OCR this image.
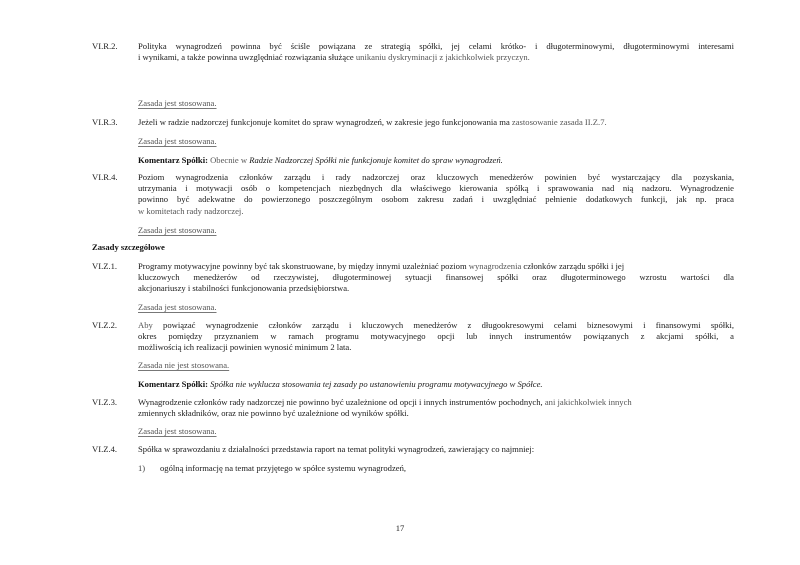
VI.R.2.	Polityka wynagrodzeń powinna być ściśle powiązana ze strategią spółki, jej celami krótko- i długoterminowymi, długoterminowymi interesami
i wynikami, a także powinna uwzględniać rozwiązania służące unikaniu dyskryminacji z jakichkolwiek przyczyn.
Zasada jest stosowana.
VI.R.3.	Jeżeli w radzie nadzorczej funkcjonuje komitet do spraw wynagrodzeń, w zakresie jego funkcjonowania ma zastosowanie zasada II.Z.7.
Zasada jest stosowana.
Komentarz Spółki: Obecnie w Radzie Nadzorczej Spółki nie funkcjonuje komitet do spraw wynagrodzeń.
VI.R.4.	Poziom wynagrodzenia członków zarządu i rady nadzorczej oraz kluczowych menedżerów powinien być wystarczający dla pozyskania,
utrzymania i motywacji osób o kompetencjach niezbędnych dla właściwego kierowania spółką i sprawowania nad nią nadzoru. Wynagrodzenie
powinno być adekwatne do powierzonego poszczególnym osobom zakresu zadań i uwzględniać pełnienie dodatkowych funkcji, jak np. praca
w komitetach rady nadzorczej.
Zasada jest stosowana.
Zasady szczegółowe
VI.Z.1.	Programy motywacyjne powinny być tak skonstruowane, by między innymi uzależniać poziom wynagrodzenia członków zarządu spółki i jej
kluczowych menedżerów od rzeczywistej, długoterminowej sytuacji finansowej spółki oraz długoterminowego wzrostu wartości dla
akcjonariuszy i stabilności funkcjonowania przedsiębiorstwa.
Zasada jest stosowana.
VI.Z.2.	Aby powiązać wynagrodzenie członków zarządu i kluczowych menedżerów z długookresowymi celami biznesowymi i finansowymi spółki,
okres pomiędzy przyznaniem w ramach programu motywacyjnego opcji lub innych instrumentów powiązanych z akcjami spółki, a
możliwością ich realizacji powinien wynosić minimum 2 lata.
Zasada nie jest stosowana.
Komentarz Spółki: Spółka nie wyklucza stosowania tej zasady po ustanowieniu programu motywacyjnego w Spółce.
VI.Z.3.	Wynagrodzenie członków rady nadzorczej nie powinno być uzależnione od opcji i innych instrumentów pochodnych, ani jakichkolwiek innych
zmiennych składników, oraz nie powinno być uzależnione od wyników spółki.
Zasada jest stosowana.
VI.Z.4.	Spółka w sprawozdaniu z działalności przedstawia raport na temat polityki wynagrodzeń, zawierający co najmniej:
1) ogólną informację na temat przyjętego w spółce systemu wynagrodzeń,
17
